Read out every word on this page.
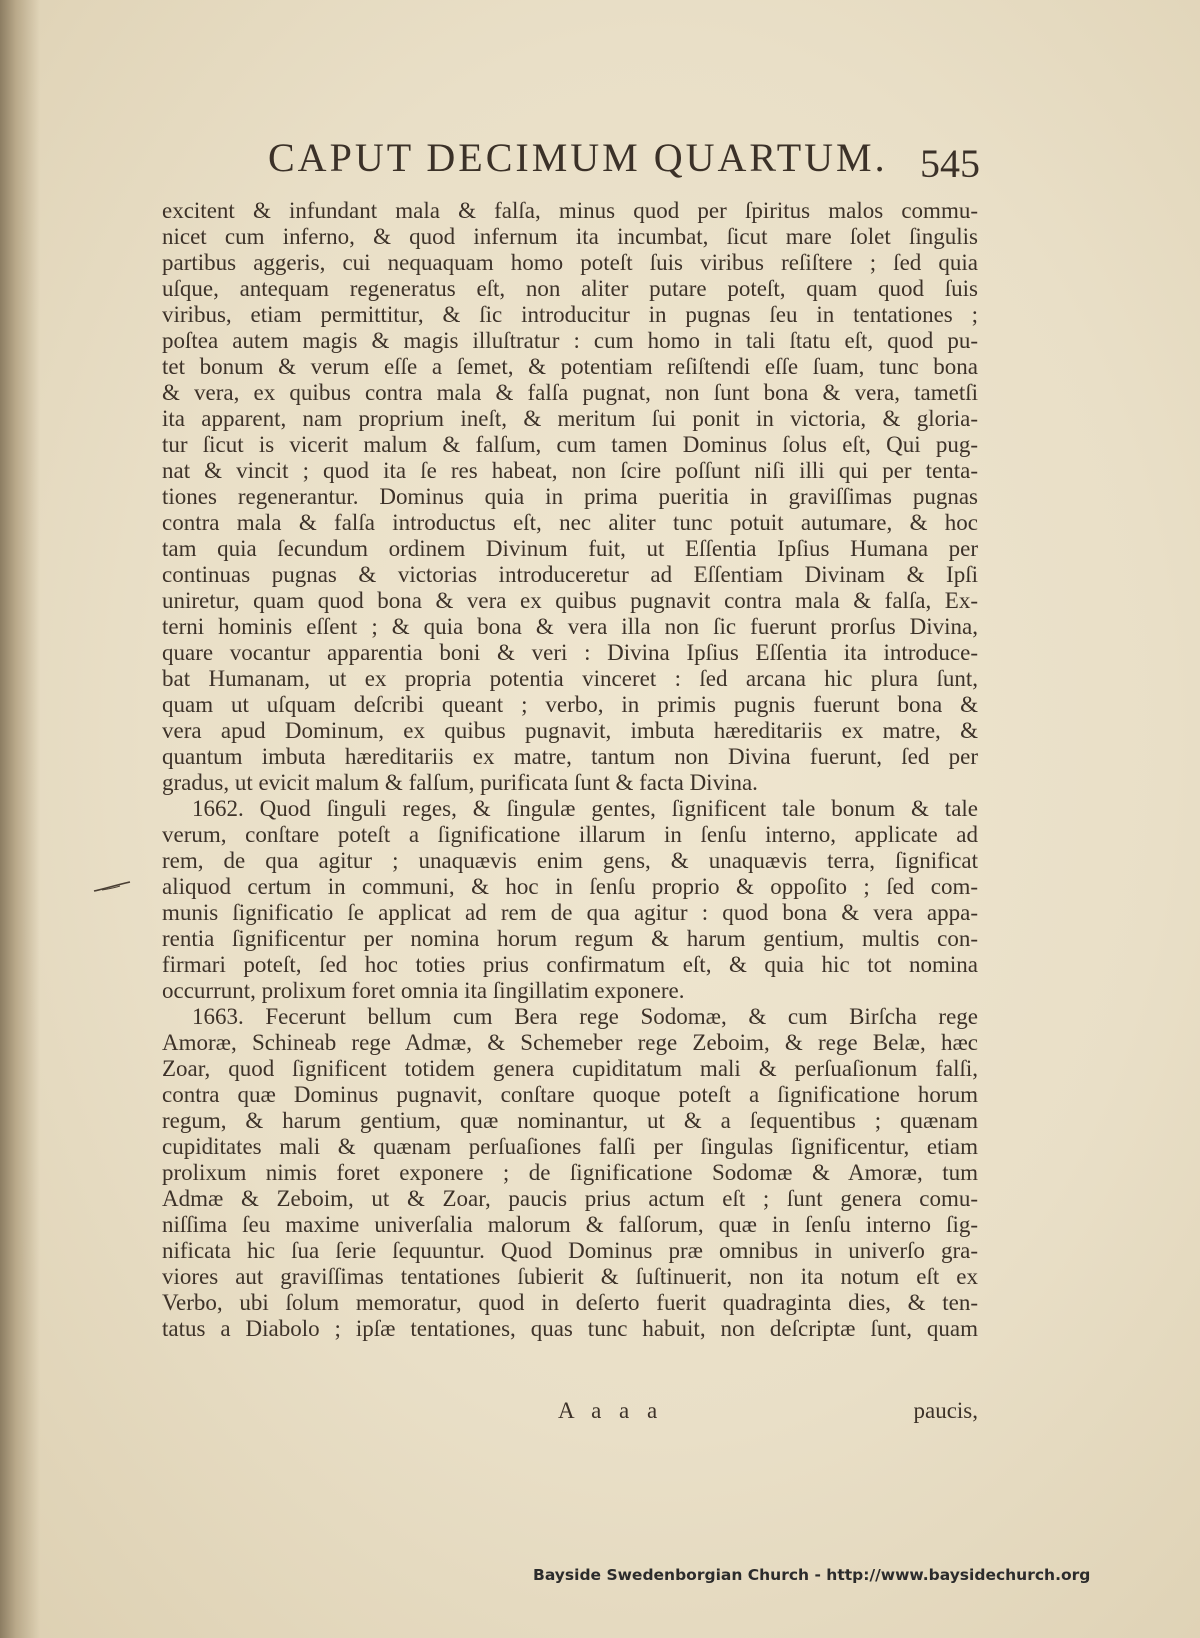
CAPUT DECIMUM QUARTUM. 545
excitent & infundant mala & falſa, minus quod per ſpiritus malos commu-
nicet cum inferno, & quod infernum ita incumbat, ſicut mare ſolet ſingulis
partibus aggeris, cui nequaquam homo poteſt ſuis viribus reſiſtere ; ſed quia
uſque, antequam regeneratus eſt, non aliter putare poteſt, quam quod ſuis
viribus, etiam permittitur, & ſic introducitur in pugnas ſeu in tentationes ;
poſtea autem magis & magis illuſtratur : cum homo in tali ſtatu eſt, quod pu-
tet bonum & verum eſſe a ſemet, & potentiam reſiſtendi eſſe ſuam, tunc bona
& vera, ex quibus contra mala & falſa pugnat, non ſunt bona & vera, tametſi
ita apparent, nam proprium ineſt, & meritum ſui ponit in victoria, & gloria-
tur ſicut is vicerit malum & falſum, cum tamen Dominus ſolus eſt, Qui pug-
nat & vincit ; quod ita ſe res habeat, non ſcire poſſunt niſi illi qui per tenta-
tiones regenerantur. Dominus quia in prima pueritia in graviſſimas pugnas
contra mala & falſa introductus eſt, nec aliter tunc potuit autumare, & hoc
tam quia ſecundum ordinem Divinum fuit, ut Eſſentia Ipſius Humana per
continuas pugnas & victorias introduceretur ad Eſſentiam Divinam & Ipſi
uniretur, quam quod bona & vera ex quibus pugnavit contra mala & falſa, Ex-
terni hominis eſſent ; & quia bona & vera illa non ſic fuerunt prorſus Divina,
quare vocantur apparentia boni & veri : Divina Ipſius Eſſentia ita introduce-
bat Humanam, ut ex propria potentia vinceret : ſed arcana hic plura ſunt,
quam ut uſquam deſcribi queant ; verbo, in primis pugnis fuerunt bona &
vera apud Dominum, ex quibus pugnavit, imbuta hæreditariis ex matre, &
quantum imbuta hæreditariis ex matre, tantum non Divina fuerunt, ſed per
gradus, ut evicit malum & falſum, purificata ſunt & facta Divina.
1662. Quod ſinguli reges, & ſingulæ gentes, ſignificent tale bonum & tale
verum, conſtare poteſt a ſignificatione illarum in ſenſu interno, applicate ad
rem, de qua agitur ; unaquævis enim gens, & unaquævis terra, ſignificat
aliquod certum in communi, & hoc in ſenſu proprio & oppoſito ; ſed com-
munis ſignificatio ſe applicat ad rem de qua agitur : quod bona & vera appa-
rentia ſignificentur per nomina horum regum & harum gentium, multis con-
firmari poteſt, ſed hoc toties prius confirmatum eſt, & quia hic tot nomina
occurrunt, prolixum foret omnia ita ſingillatim exponere.
1663. Fecerunt bellum cum Bera rege Sodomæ, & cum Birſcha rege
Amoræ, Schineab rege Admæ, & Schemeber rege Zeboim, & rege Belæ, hæc
Zoar, quod ſignificent totidem genera cupiditatum mali & perſuaſionum falſi,
contra quæ Dominus pugnavit, conſtare quoque poteſt a ſignificatione horum
regum, & harum gentium, quæ nominantur, ut & a ſequentibus ; quænam
cupiditates mali & quænam perſuaſiones falſi per ſingulas ſignificentur, etiam
prolixum nimis foret exponere ; de ſignificatione Sodomæ & Amoræ, tum
Admæ & Zeboim, ut & Zoar, paucis prius actum eſt ; ſunt genera comu-
niſſima ſeu maxime univerſalia malorum & falſorum, quæ in ſenſu interno ſig-
nificata hic ſua ſerie ſequuntur. Quod Dominus præ omnibus in univerſo gra-
viores aut graviſſimas tentationes ſubierit & ſuſtinuerit, non ita notum eſt ex
Verbo, ubi ſolum memoratur, quod in deſerto fuerit quadraginta dies, & ten-
tatus a Diabolo ; ipſæ tentationes, quas tunc habuit, non deſcriptæ ſunt, quam
A a a a	paucis,
Bayside Swedenborgian Church - http://www.baysidechurch.org
